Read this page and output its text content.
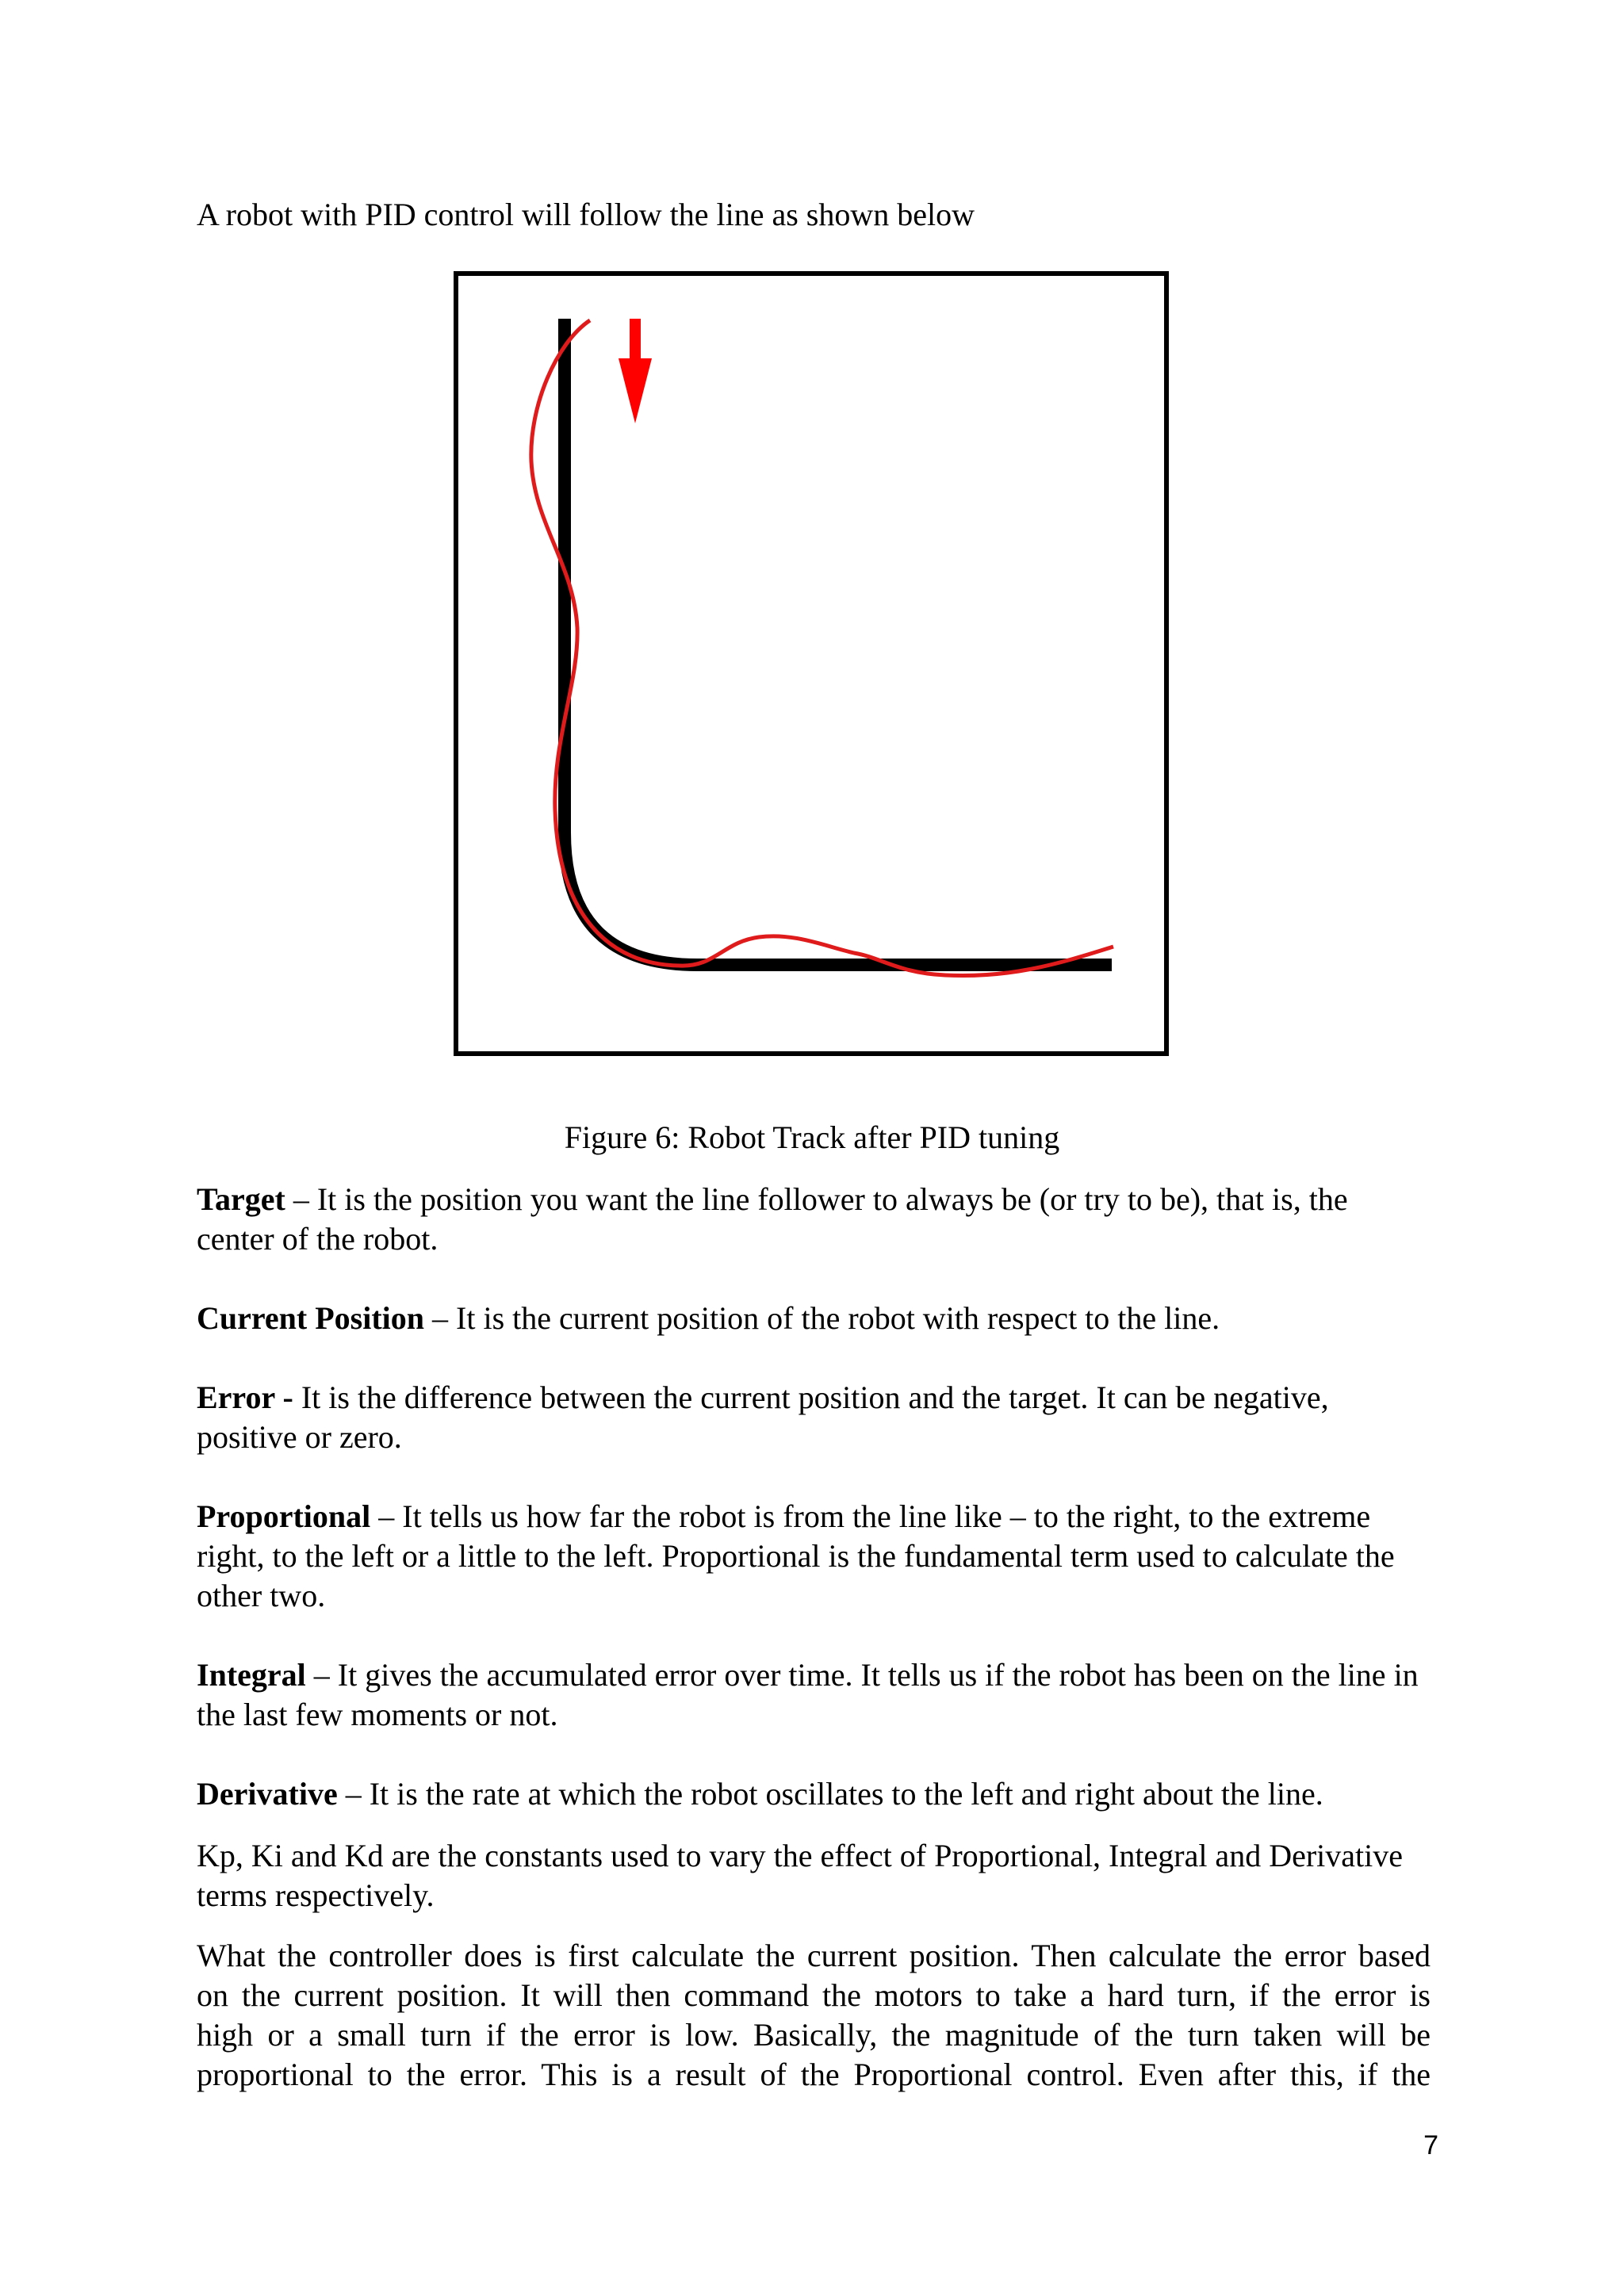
A robot with PID control will follow the line as shown below

Figure 6: Robot Track after PID tuning

Target – It is the position you want the line follower to always be (or try to be), that is, the center of the robot.

Current Position – It is the current position of the robot with respect to the line.

Error - It is the difference between the current position and the target. It can be negative, positive or zero.

Proportional – It tells us how far the robot is from the line like – to the right, to the extreme right, to the left or a little to the left. Proportional is the fundamental term used to calculate the other two.

Integral – It gives the accumulated error over time. It tells us if the robot has been on the line in the last few moments or not.

Derivative – It is the rate at which the robot oscillates to the left and right about the line.

Kp, Ki and Kd are the constants used to vary the effect of Proportional, Integral and Derivative terms respectively.

What the controller does is first calculate the current position. Then calculate the error based

on the current position. It will then command the motors to take a hard turn, if the error is

high or a small turn if the error is low. Basically, the magnitude of the turn taken will be

proportional to the error. This is a result of the Proportional control. Even after this, if the

7
